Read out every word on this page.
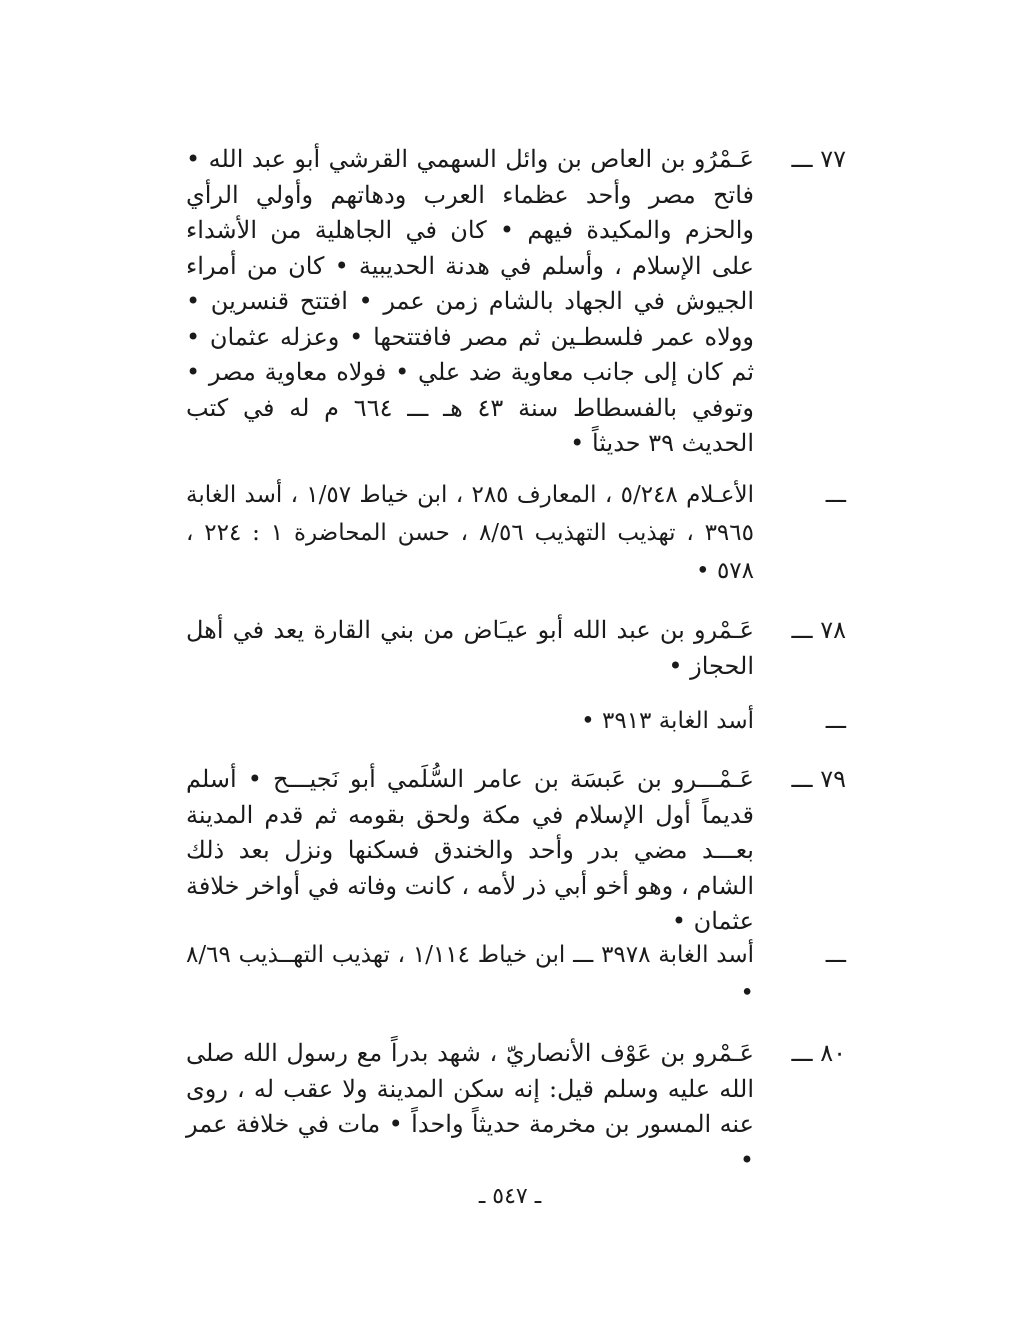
٧٧ ـــ
عَـمْرُو بن العاص بن وائل السهمي القرشي أبو عبد الله • فاتح مصر وأحد عظماء العرب ودهاتهم وأولي الرأي والحزم والمكيدة فيهم • كان في الجاهلية من الأشداء على الإسلام ، وأسلم في هدنة الحديبية • كان من أمراء الجيوش في الجهاد بالشام زمن عمر • افتتح قنسرين • وولاه عمر فلسطـين ثم مصر فافتتحها • وعزله عثمان • ثم كان إلى جانب معاوية ضد علي • فولاه معاوية مصر • وتوفي بالفسطاط سنة ٤٣ هـ ـــ ٦٦٤ م له في كتب الحديث ٣٩ حديثاً •
ـــ
الأعـلام ٥/٢٤٨ ، المعارف ٢٨٥ ، ابن خياط ١/٥٧ ، أسد الغابة ٣٩٦٥ ، تهذيب التهذيب ٨/٥٦ ، حسن المحاضرة ١ : ٢٢٤ ، ٥٧٨ •
٧٨ ـــ
عَـمْرو بن عبد الله أبو عيـَاض من بني القارة يعد في أهل الحجاز •
ـــ
أسد الغابة ٣٩١٣ •
٧٩ ـــ
عَـمْـــرو بن عَبسَة بن عامر السُّلَمي أبو نَجيـــح • أسلم قديماً أول الإسلام في مكة ولحق بقومه ثم قدم المدينة بعـــد مضي بدر وأحد والخندق فسكنها ونزل بعد ذلك الشام ، وهو أخو أبي ذر لأمه ، كانت وفاته في أواخر خلافة عثمان •
ـــ
أسد الغابة ٣٩٧٨ ـــ ابن خياط ١/١١٤ ، تهذيب التهــذيب ٨/٦٩ •
٨٠ ـــ
عَـمْرو بن عَوْف الأنصاريّ ، شهد بدراً مع رسول الله صلى الله عليه وسلم قيل: إنه سكن المدينة ولا عقب له ، روى عنه المسور بن مخرمة حديثاً واحداً • مات في خلافة عمر •
ـ ٥٤٧ ـ
